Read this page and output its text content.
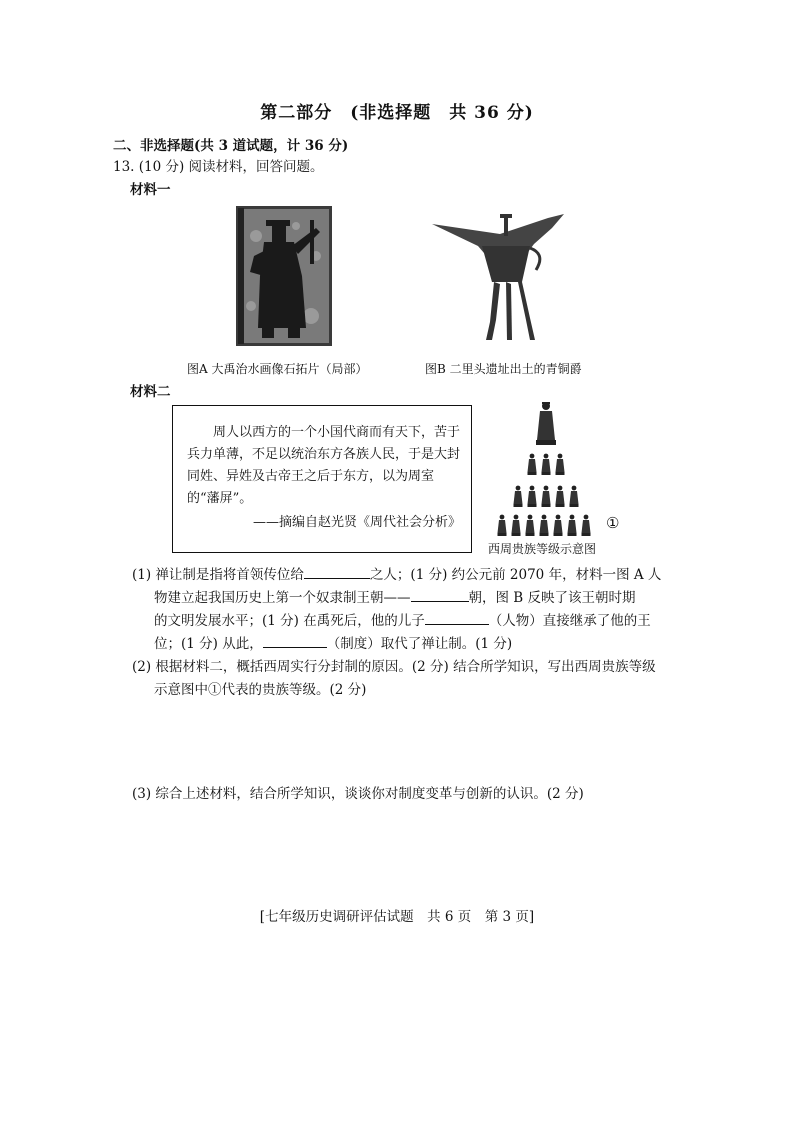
第二部分　(非选择题　共 36 分)
二、非选择题(共 3 道试题，计 36 分)
13. (10 分) 阅读材料，回答问题。
材料一
图A 大禹治水画像石拓片（局部）	图B 二里头遗址出土的青铜爵
材料二

周人以西方的一个小国代商而有天下，苦于兵力单薄，不足以统治东方各族人民，于是大封同姓、异姓及古帝王之后于东方，以为周室的“藩屏”。

——摘编自赵光贤《周代社会分析》	①
西周贵族等级示意图
(1) 禅让制是指将首领传位给	之人；(1 分) 约公元前 2070 年，材料一图 A 人
物建立起我国历史上第一个奴隶制王朝——	朝，图 B 反映了该王朝时期
的文明发展水平；(1 分) 在禹死后，他的儿子	（人物）直接继承了他的王
位；(1 分) 从此，	（制度）取代了禅让制。(1 分)
(2) 根据材料二，概括西周实行分封制的原因。(2 分) 结合所学知识，写出西周贵族等级
示意图中①代表的贵族等级。(2 分)
(3) 综合上述材料，结合所学知识，谈谈你对制度变革与创新的认识。(2 分)
[七年级历史调研评估试题　共 6 页　第 3 页]
